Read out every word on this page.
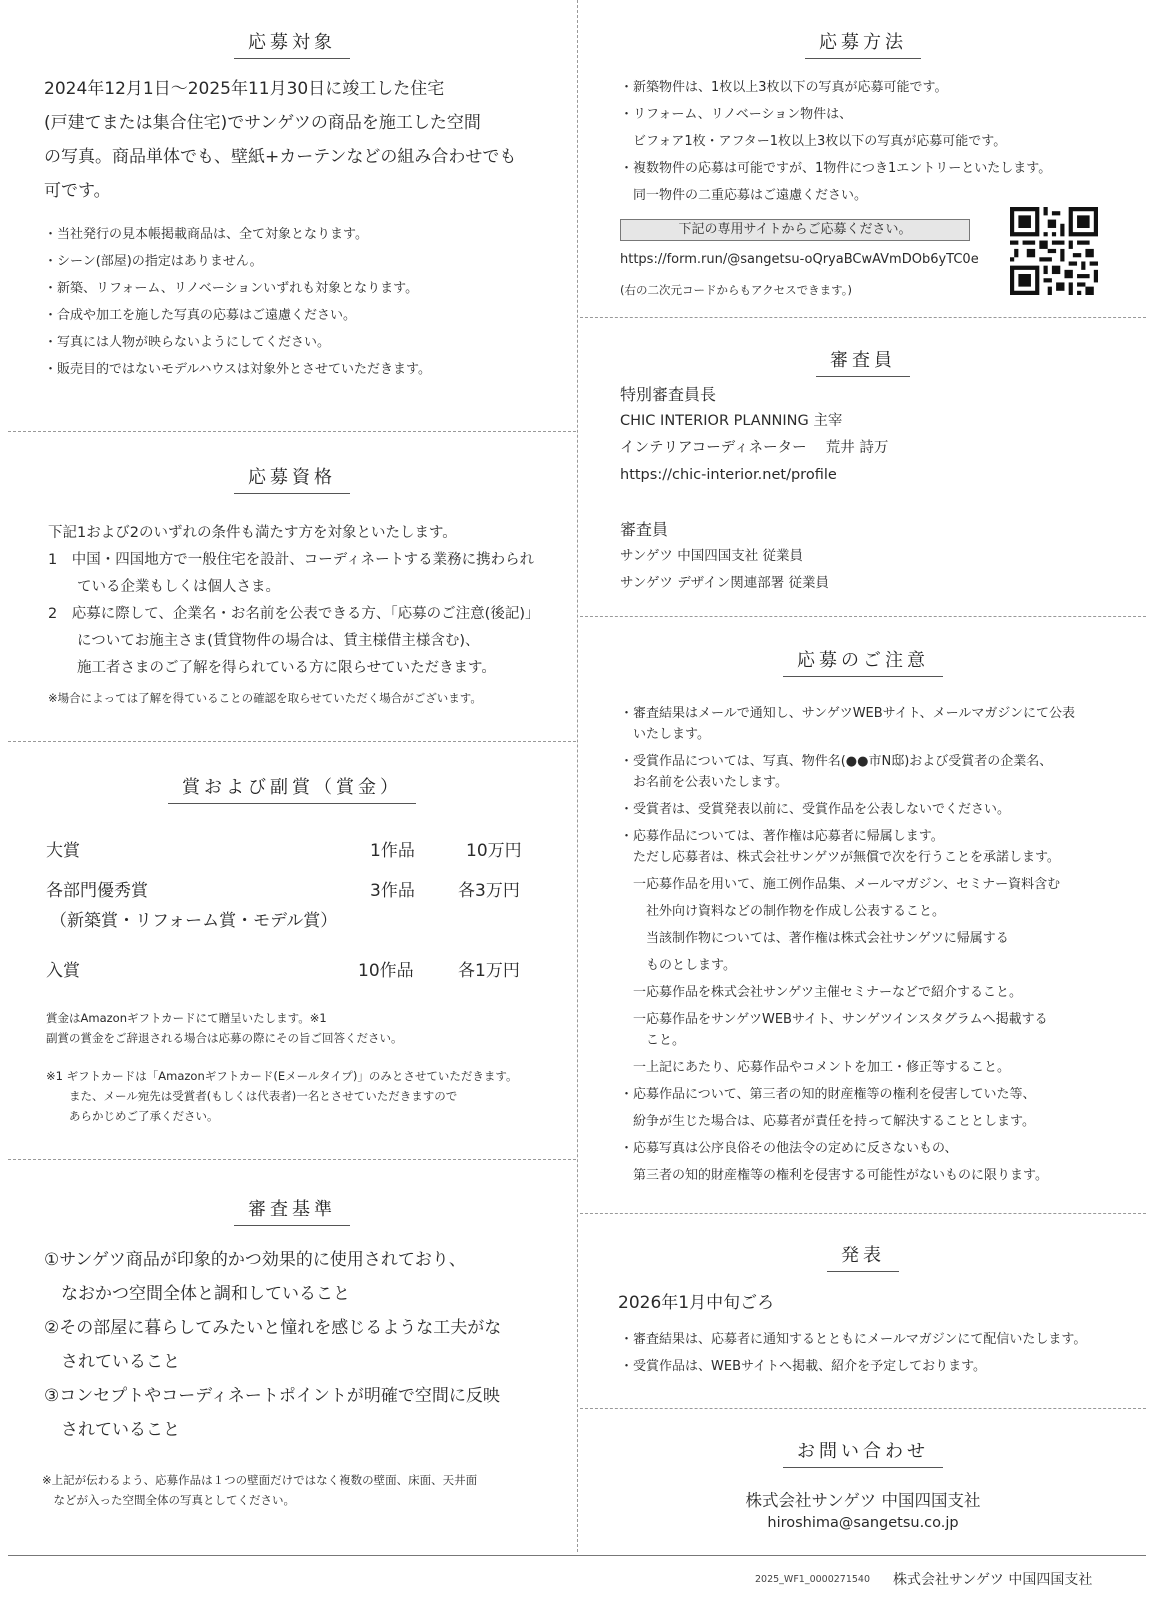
応募対象
2024年12月1日～2025年11月30日に竣工した住宅
(戸建てまたは集合住宅)でサンゲツの商品を施工した空間
の写真。商品単体でも、壁紙+カーテンなどの組み合わせでも
可です。
・当社発行の見本帳掲載商品は、全て対象となります。
・シーン(部屋)の指定はありません。
・新築、リフォーム、リノベーションいずれも対象となります。
・合成や加工を施した写真の応募はご遠慮ください。
・写真には人物が映らないようにしてください。
・販売目的ではないモデルハウスは対象外とさせていただきます。
応募資格
下記1および2のいずれの条件も満たす方を対象といたします。
1　中国・四国地方で一般住宅を設計、コーディネートする業務に携わられ
　　ている企業もしくは個人さま。
2　応募に際して、企業名・お名前を公表できる方、「応募のご注意(後記)」
　　についてお施主さま(賃貸物件の場合は、賃主様借主様含む)、
　　施工者さまのご了解を得られている方に限らせていただきます。
※場合によっては了解を得ていることの確認を取らせていただく場合がございます。
賞および副賞（賞金）
大賞	1作品	10万円
各部門優秀賞	3作品	各3万円
（新築賞・リフォーム賞・モデル賞）
入賞	10作品	各1万円
賞金はAmazonギフトカードにて贈呈いたします。※1
副賞の賞金をご辞退される場合は応募の際にその旨ご回答ください。
※1 ギフトカードは「Amazonギフトカード(Eメールタイプ)」のみとさせていただきます。
　　また、メール宛先は受賞者(もしくは代表者)一名とさせていただきますので
　　あらかじめご了承ください。
審査基準
①サンゲツ商品が印象的かつ効果的に使用されており、
　なおかつ空間全体と調和していること
②その部屋に暮らしてみたいと憧れを感じるような工夫がな
　されていること
③コンセプトやコーディネートポイントが明確で空間に反映
　されていること
※上記が伝わるよう、応募作品は１つの壁面だけではなく複数の壁面、床面、天井面
　などが入った空間全体の写真としてください。
応募方法
・新築物件は、1枚以上3枚以下の写真が応募可能です。
・リフォーム、リノベーション物件は、
　ビフォア1枚・アフター1枚以上3枚以下の写真が応募可能です。
・複数物件の応募は可能ですが、1物件につき1エントリーといたします。
　同一物件の二重応募はご遠慮ください。
下記の専用サイトからご応募ください。
https://form.run/@sangetsu-oQryaBCwAVmDOb6yTC0e
(右の二次元コードからもアクセスできます。)
審査員
特別審査員長
CHIC INTERIOR PLANNING 主宰
インテリアコーディネーター　 荒井 詩万
https://chic-interior.net/profile
審査員
サンゲツ 中国四国支社 従業員
サンゲツ デザイン関連部署 従業員
応募のご注意
・審査結果はメールで通知し、サンゲツWEBサイト、メールマガジンにて公表
　いたします。
・受賞作品については、写真、物件名(●●市N邸)および受賞者の企業名、
　お名前を公表いたします。
・受賞者は、受賞発表以前に、受賞作品を公表しないでください。
・応募作品については、著作権は応募者に帰属します。
　ただし応募者は、株式会社サンゲツが無償で次を行うことを承諾します。
　一応募作品を用いて、施工例作品集、メールマガジン、セミナー資料含む
　　社外向け資料などの制作物を作成し公表すること。
　　当該制作物については、著作権は株式会社サンゲツに帰属する
　　ものとします。
　一応募作品を株式会社サンゲツ主催セミナーなどで紹介すること。
　一応募作品をサンゲツWEBサイト、サンゲツインスタグラムへ掲載する
　　こと。
　一上記にあたり、応募作品やコメントを加工・修正等すること。
・応募作品について、第三者の知的財産権等の権利を侵害していた等、
　紛争が生じた場合は、応募者が責任を持って解決することとします。
・応募写真は公序良俗その他法令の定めに反さないもの、
　第三者の知的財産権等の権利を侵害する可能性がないものに限ります。
発表
2026年1月中旬ごろ
・審査結果は、応募者に通知するとともにメールマガジンにて配信いたします。
・受賞作品は、WEBサイトへ掲載、紹介を予定しております。
お問い合わせ
株式会社サンゲツ 中国四国支社
hiroshima@sangetsu.co.jp
2025_WF1_0000271540 株式会社サンゲツ 中国四国支社
